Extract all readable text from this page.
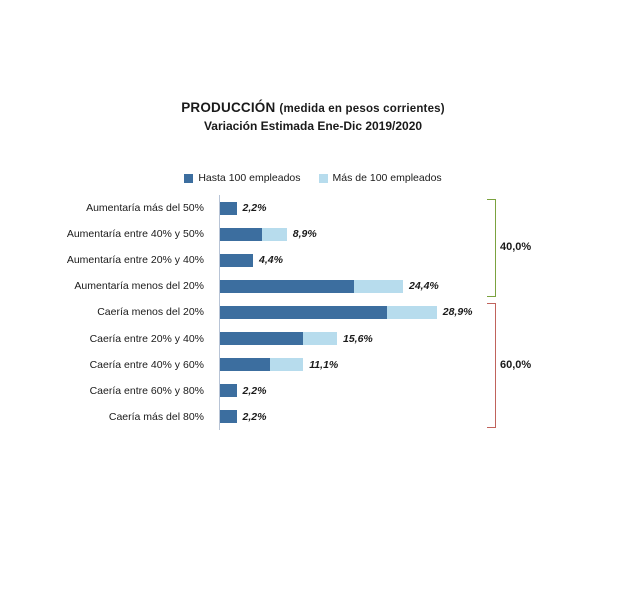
PRODUCCIÓN (medida en pesos corrientes)
Variación Estimada Ene-Dic 2019/2020
Hasta 100 empleados	Más de 100 empleados
Aumentaría más del 50%	2,2%
Aumentaría entre 40% y 50%	8,9%
Aumentaría entre 20% y 40%	4,4%
Aumentaría menos del 20%	24,4%
Caería menos del 20%	28,9%
Caería entre 20% y 40%	15,6%
Caería entre 40% y 60%	11,1%
Caería entre 60% y 80%	2,2%
Caería más del 80%	2,2%
40,0%
60,0%
